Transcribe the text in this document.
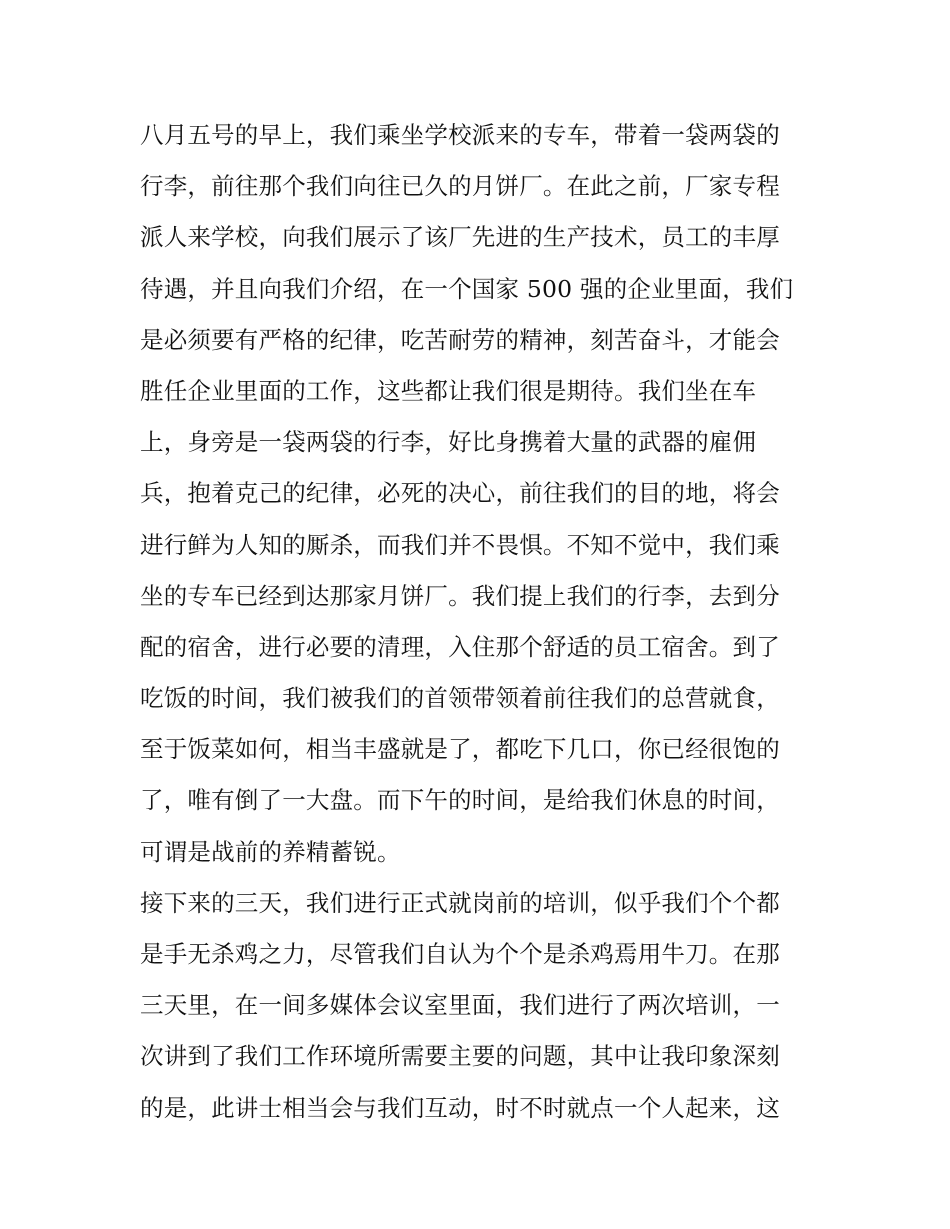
八月五号的早上，我们乘坐学校派来的专车，带着一袋两袋的
行李，前往那个我们向往已久的月饼厂。在此之前，厂家专程
派人来学校，向我们展示了该厂先进的生产技术，员工的丰厚
待遇，并且向我们介绍，在一个国家 500 强的企业里面，我们
是必须要有严格的纪律，吃苦耐劳的精神，刻苦奋斗，才能会
胜任企业里面的工作，这些都让我们很是期待。我们坐在车
上，身旁是一袋两袋的行李，好比身携着大量的武器的雇佣
兵，抱着克己的纪律，必死的决心，前往我们的目的地，将会
进行鲜为人知的厮杀，而我们并不畏惧。不知不觉中，我们乘
坐的专车已经到达那家月饼厂。我们提上我们的行李，去到分
配的宿舍，进行必要的清理，入住那个舒适的员工宿舍。到了
吃饭的时间，我们被我们的首领带领着前往我们的总营就食，
至于饭菜如何，相当丰盛就是了，都吃下几口，你已经很饱的
了，唯有倒了一大盘。而下午的时间，是给我们休息的时间，
可谓是战前的养精蓄锐。
接下来的三天，我们进行正式就岗前的培训，似乎我们个个都
是手无杀鸡之力，尽管我们自认为个个是杀鸡焉用牛刀。在那
三天里，在一间多媒体会议室里面，我们进行了两次培训，一
次讲到了我们工作环境所需要主要的问题，其中让我印象深刻
的是，此讲士相当会与我们互动，时不时就点一个人起来，这
